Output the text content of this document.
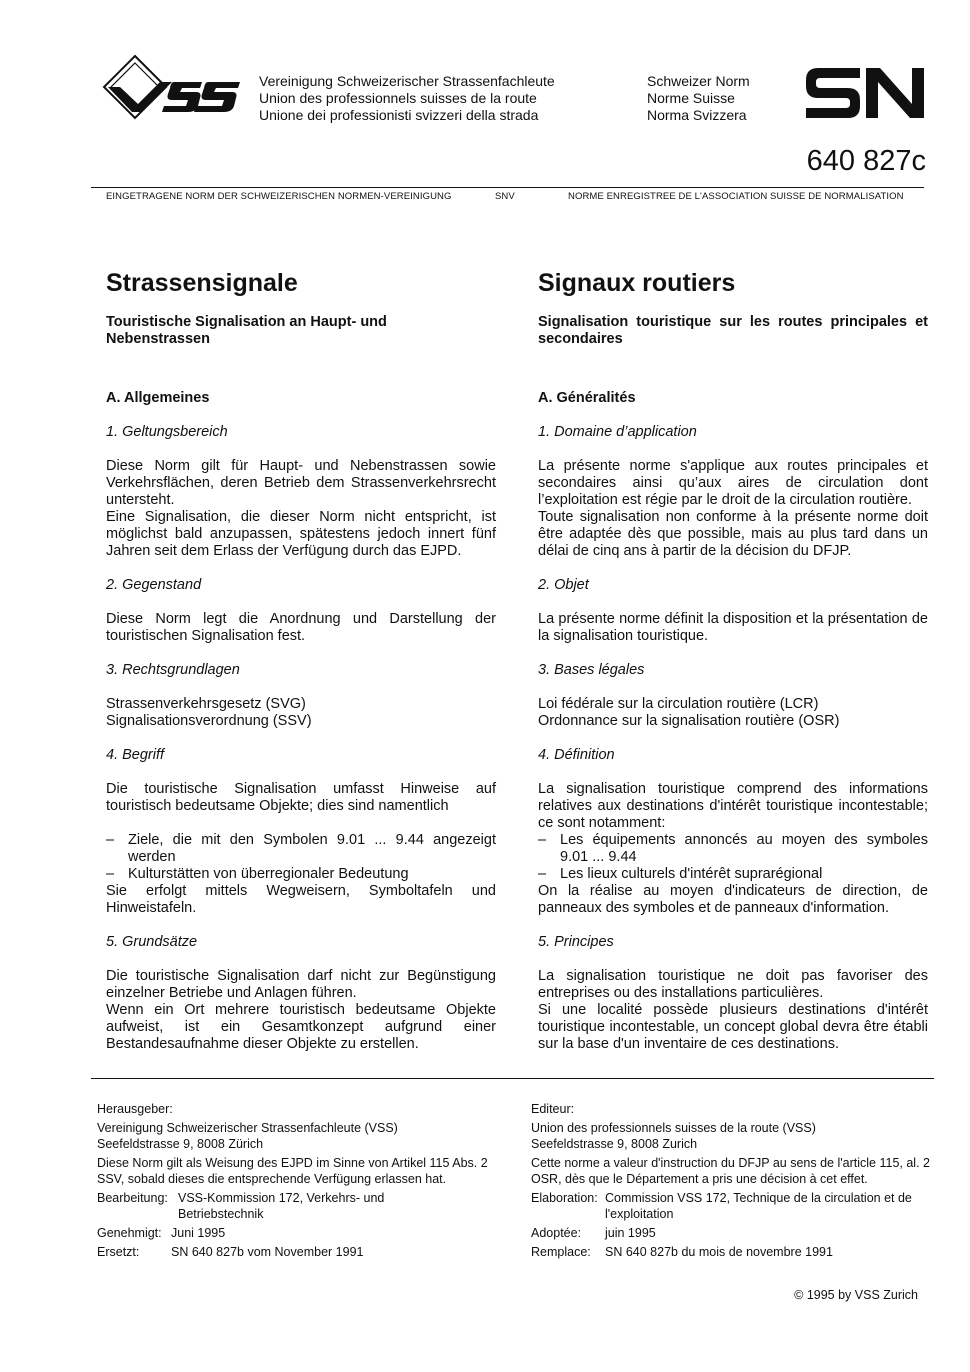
Vereinigung Schweizerischer Strassenfachleute
Union des professionnels suisses de la route
Unione dei professionisti svizzeri della strada
Schweizer Norm
Norme Suisse
Norma Svizzera
640 827c
EINGETRAGENE NORM DER SCHWEIZERISCHEN NORMEN-VEREINIGUNG	SNV	NORME ENREGISTREE DE L'ASSOCIATION SUISSE DE NORMALISATION
Strassensignale
Touristische Signalisation an Haupt- und Nebenstrassen
A. Allgemeines
1. Geltungsbereich

Diese Norm gilt für Haupt- und Nebenstrassen sowie Verkehrsflächen, deren Betrieb dem Strassenverkehrsrecht untersteht.

Eine Signalisation, die dieser Norm nicht entspricht, ist möglichst bald anzupassen, spätestens jedoch innert fünf Jahren seit dem Erlass der Verfügung durch das EJPD.

2. Gegenstand

Diese Norm legt die Anordnung und Darstellung der touristischen Signalisation fest.

3. Rechtsgrundlagen

Strassenverkehrsgesetz (SVG)

Signalisationsverordnung (SSV)

4. Begriff

Die touristische Signalisation umfasst Hinweise auf touristisch bedeutsame Objekte; dies sind namentlich

– Ziele, die mit den Symbolen 9.01 ... 9.44 angezeigt werden
– Kulturstätten von überregionaler Bedeutung

Sie erfolgt mittels Wegweisern, Symboltafeln und Hinweistafeln.

5. Grundsätze

Die touristische Signalisation darf nicht zur Begünstigung einzelner Betriebe und Anlagen führen.

Wenn ein Ort mehrere touristisch bedeutsame Objekte aufweist, ist ein Gesamtkonzept aufgrund einer Bestandesaufnahme dieser Objekte zu erstellen.

Signaux routiers
Signalisation touristique sur les routes principales et secondaires
A. Généralités
1. Domaine d’application

La présente norme s'applique aux routes principales et secondaires ainsi qu’aux aires de circulation dont l’exploitation est régie par le droit de la circulation routière.

Toute signalisation non conforme à la présente norme doit être adaptée dès que possible, mais au plus tard dans un délai de cinq ans à partir de la décision du DFJP.

2. Objet

La présente norme définit la disposition et la présentation de la signalisation touristique.

3. Bases légales

Loi fédérale sur la circulation routière (LCR)

Ordonnance sur la signalisation routière (OSR)

4. Définition

La signalisation touristique comprend des informations relatives aux destinations d'intérêt touristique incontestable; ce sont notamment:

– Les équipements annoncés au moyen des symboles 9.01 ... 9.44
– Les lieux culturels d'intérêt suprarégional

On la réalise au moyen d'indicateurs de direction, de panneaux des symboles et de panneaux d'information.

5. Principes

La signalisation touristique ne doit pas favoriser des entreprises ou des installations particulières.

Si une localité possède plusieurs destinations d'intérêt touristique incontestable, un concept global devra être établi sur la base d'un inventaire de ces destinations.

Herausgeber:
Vereinigung Schweizerischer Strassenfachleute (VSS)
Seefeldstrasse 9, 8008 Zürich
Diese Norm gilt als Weisung des EJPD im Sinne von Artikel 115 Abs. 2 SSV, sobald dieses die entsprechende Verfügung erlassen hat.
Bearbeitung: VSS-Kommission 172, Verkehrs- und Betriebstechnik
Genehmigt: Juni 1995
Ersetzt:	SN 640 827b vom November 1991
Editeur:
Union des professionnels suisses de la route (VSS)
Seefeldstrasse 9, 8008 Zurich
Cette norme a valeur d'instruction du DFJP au sens de l'article 115, al. 2 OSR, dès que le Département a pris une décision à cet effet.
Elaboration: Commission VSS 172, Technique de la circulation et de l'exploitation
Adoptée:	juin 1995
Remplace:	SN 640 827b du mois de novembre 1991
© 1995 by VSS Zurich
